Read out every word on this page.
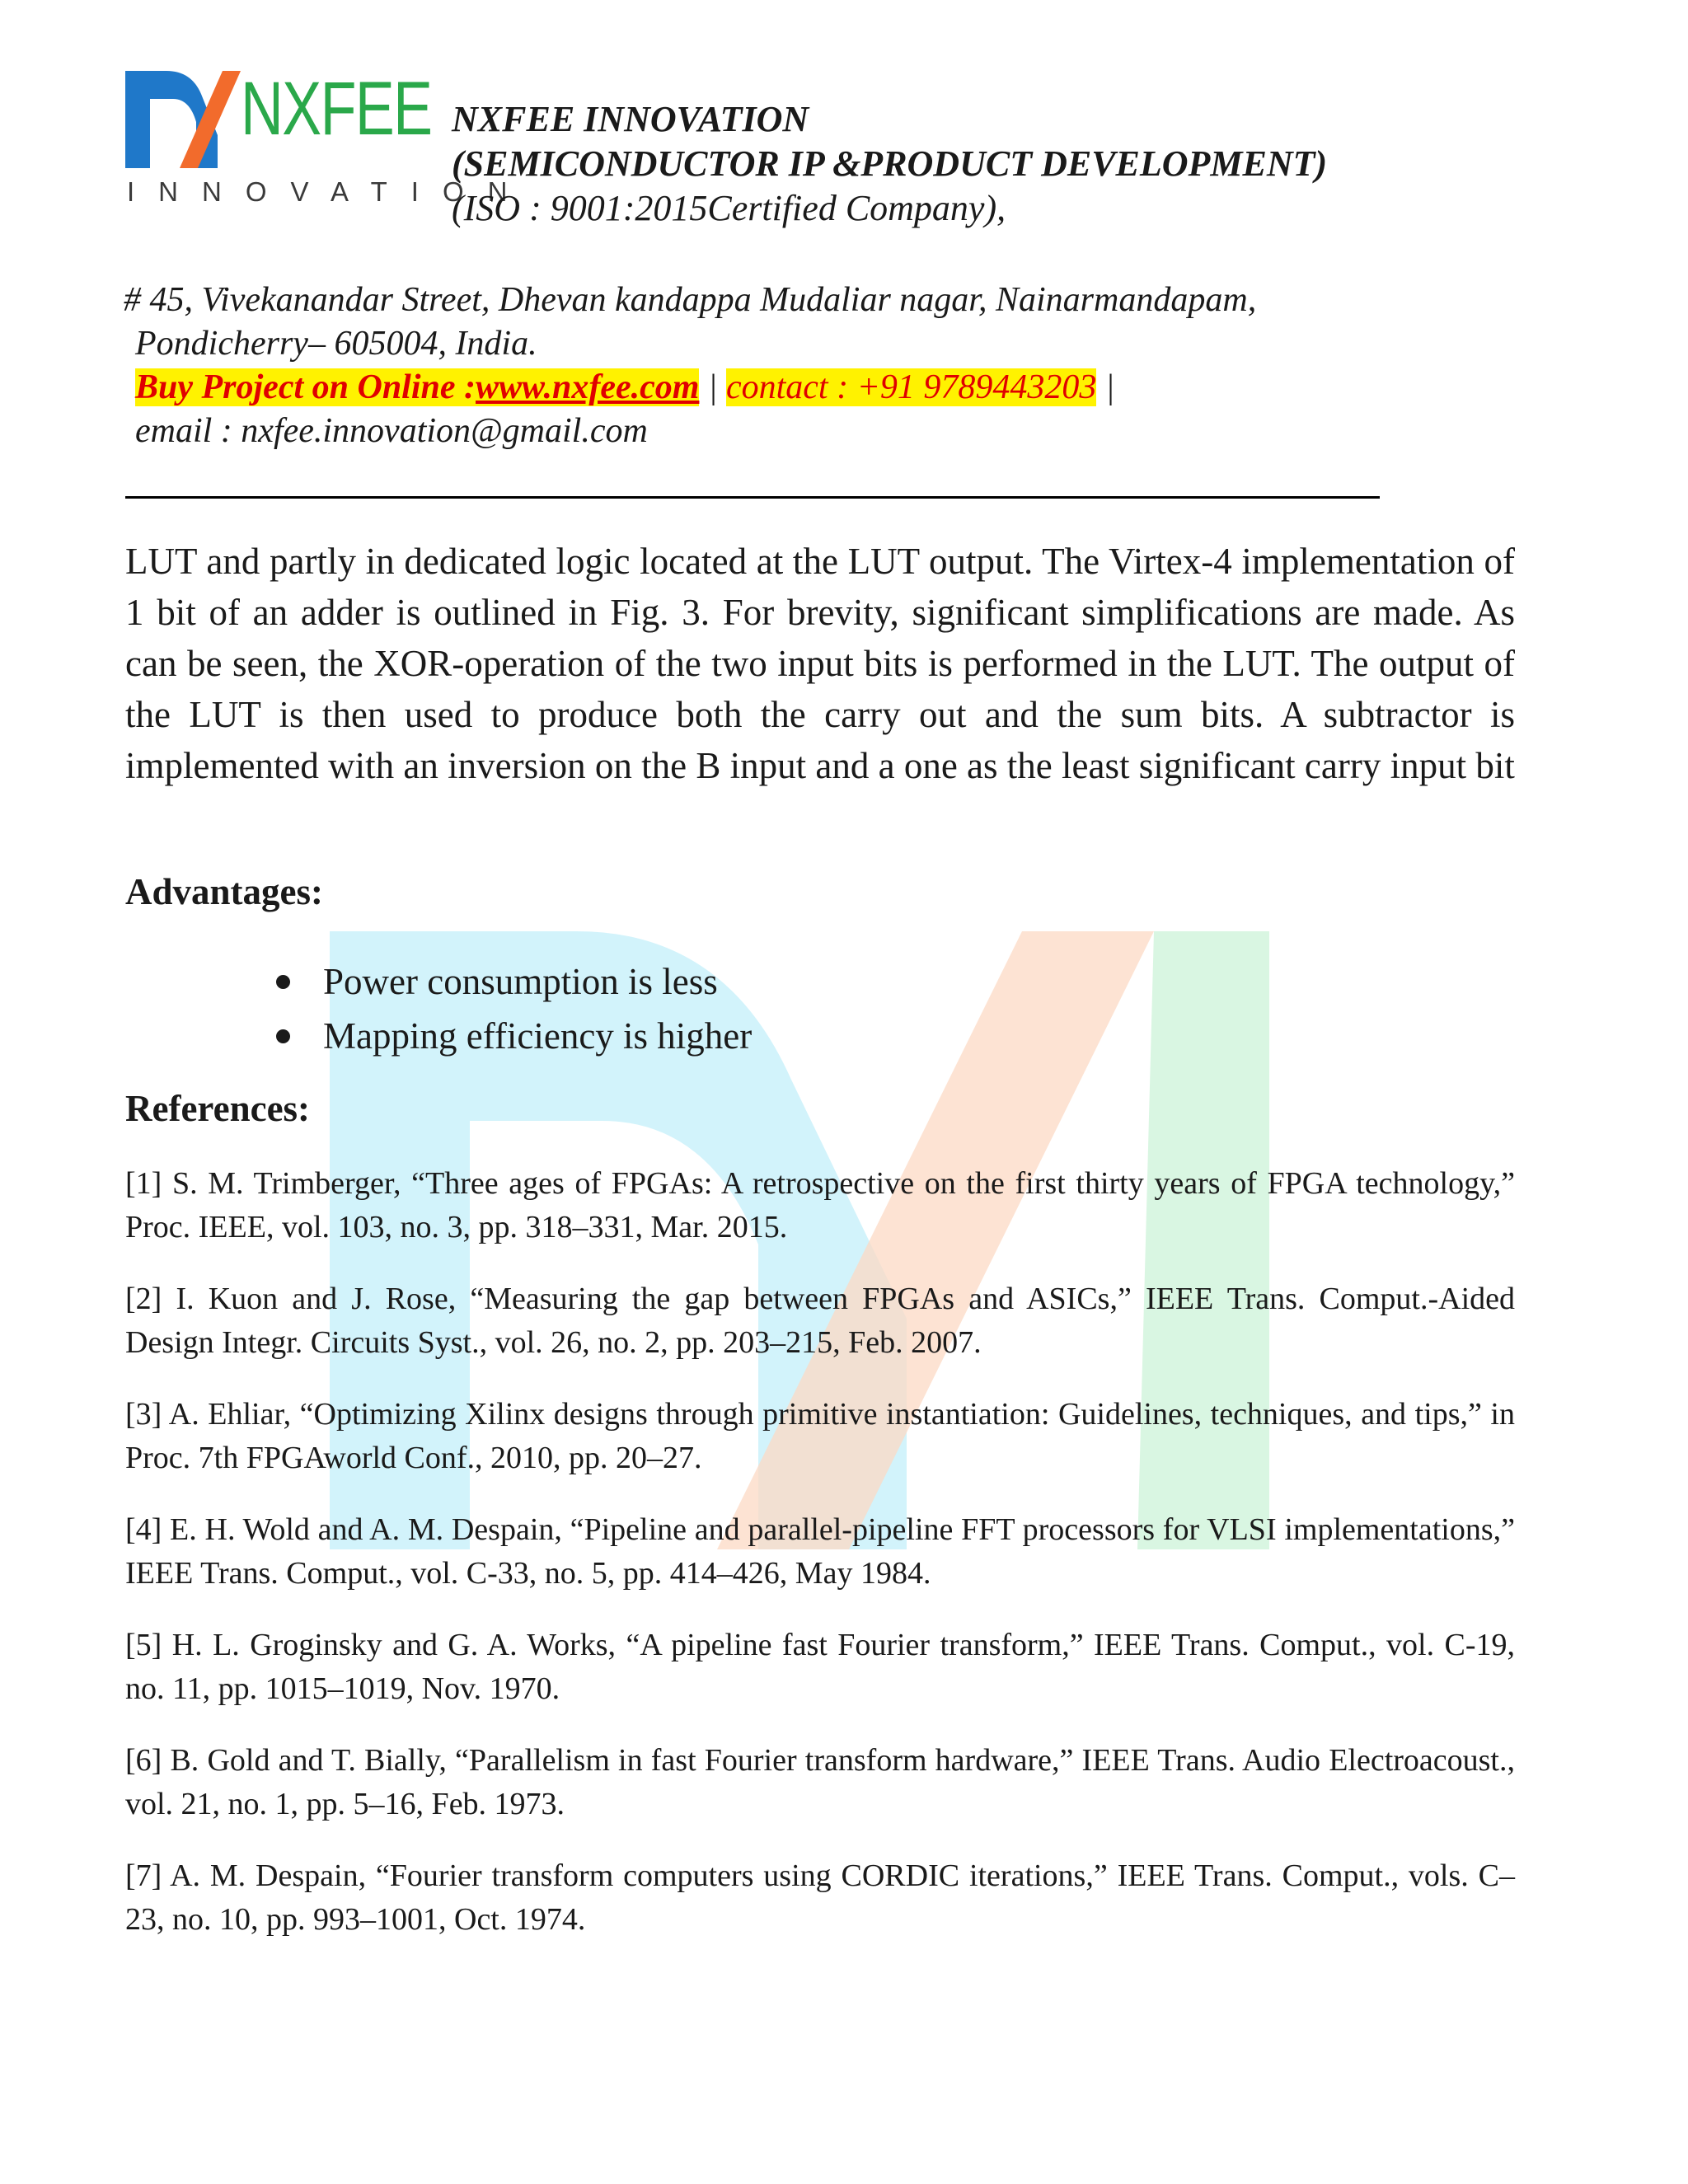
NXFEE
INNOVATION
NXFEE INNOVATION
(SEMICONDUCTOR IP &PRODUCT DEVELOPMENT)
(ISO : 9001:2015Certified Company),
# 45, Vivekanandar Street, Dhevan kandappa Mudaliar nagar, Nainarmandapam,
Pondicherry– 605004, India.
Buy Project on Online :www.nxfee.com | contact : +91 9789443203 |
email : nxfee.innovation@gmail.com
LUT and partly in dedicated logic located at the LUT output. The Virtex-4 implementation of 1 bit of an adder is outlined in Fig. 3. For brevity, significant simplifications are made. As can be seen, the XOR-operation of the two input bits is performed in the LUT. The output of the LUT is then used to produce both the carry out and the sum bits. A subtractor is implemented with an inversion on the B input and a one as the least significant carry input bit
Advantages:
Power consumption is less
Mapping efficiency is higher
References:
[1] S. M. Trimberger, “Three ages of FPGAs: A retrospective on the first thirty years of FPGA technology,” Proc. IEEE, vol. 103, no. 3, pp. 318–331, Mar. 2015.
[2] I. Kuon and J. Rose, “Measuring the gap between FPGAs and ASICs,” IEEE Trans. Comput.-Aided Design Integr. Circuits Syst., vol. 26, no. 2, pp. 203–215, Feb. 2007.
[3] A. Ehliar, “Optimizing Xilinx designs through primitive instantiation: Guidelines, techniques, and tips,” in Proc. 7th FPGAworld Conf., 2010, pp. 20–27.
[4] E. H. Wold and A. M. Despain, “Pipeline and parallel-pipeline FFT processors for VLSI implementations,” IEEE Trans. Comput., vol. C-33, no. 5, pp. 414–426, May 1984.
[5] H. L. Groginsky and G. A. Works, “A pipeline fast Fourier transform,” IEEE Trans. Comput., vol. C-19, no. 11, pp. 1015–1019, Nov. 1970.
[6] B. Gold and T. Bially, “Parallelism in fast Fourier transform hardware,” IEEE Trans. Audio Electroacoust., vol. 21, no. 1, pp. 5–16, Feb. 1973.
[7] A. M. Despain, “Fourier transform computers using CORDIC iterations,” IEEE Trans. Comput., vols. C–23, no. 10, pp. 993–1001, Oct. 1974.
